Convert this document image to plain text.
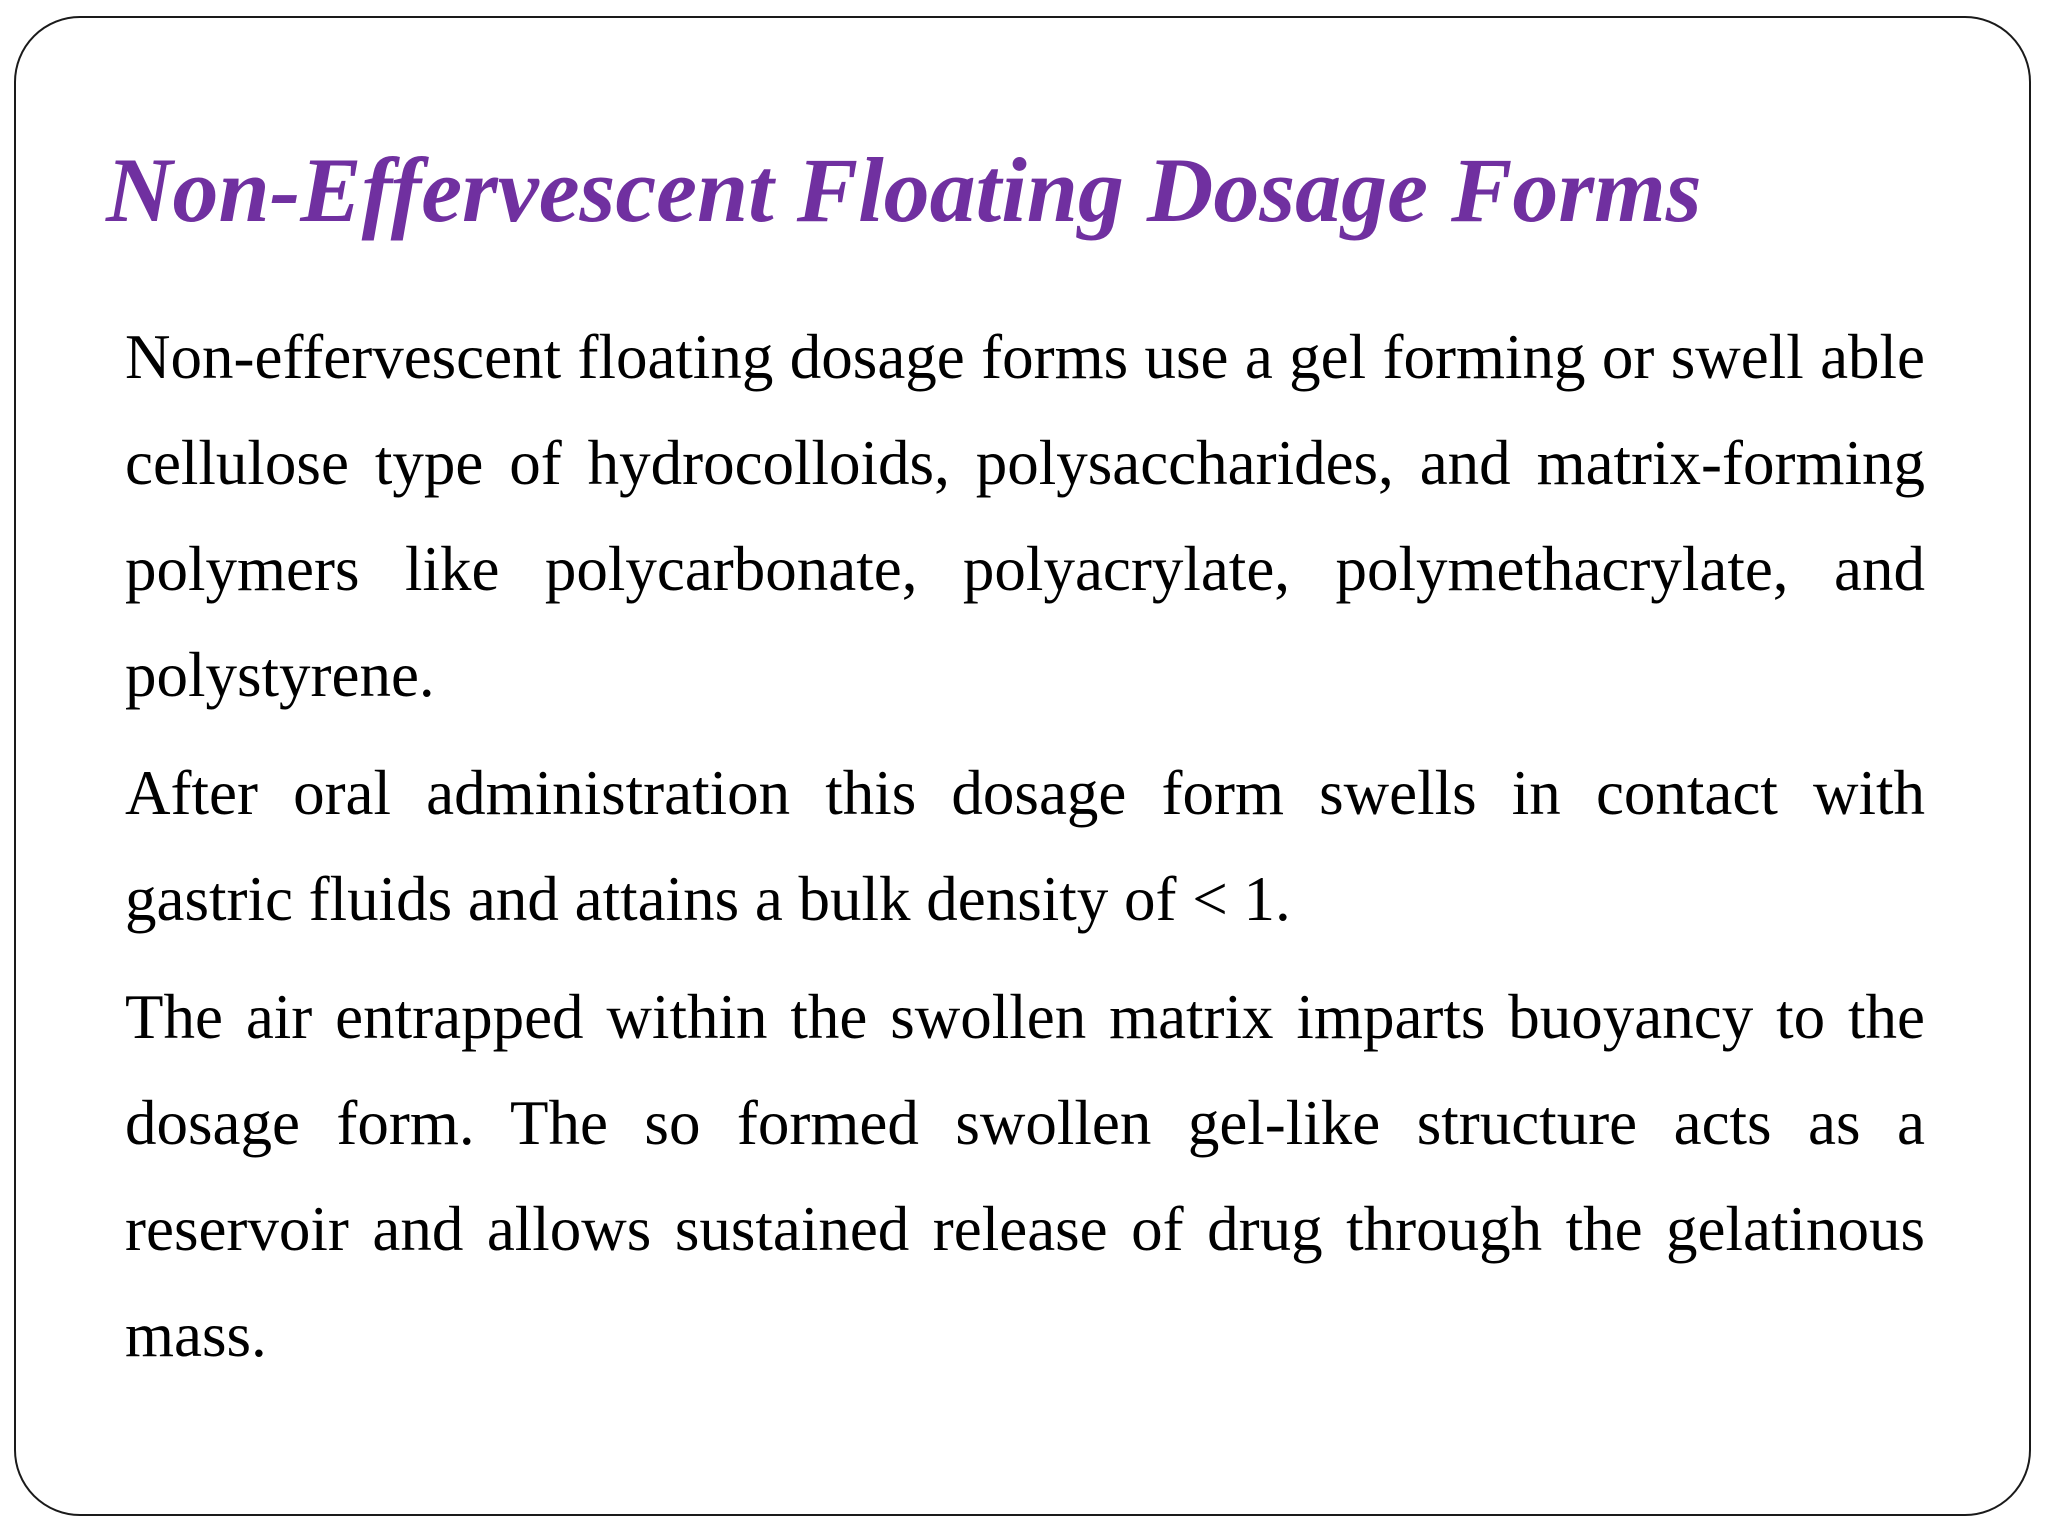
Non-Effervescent Floating Dosage Forms

Non-effervescent floating dosage forms use a gel forming or swell able cellulose type of hydrocolloids, polysaccharides, and matrix-forming polymers like polycarbonate, polyacrylate, polymethacrylate, and polystyrene.

After oral administration this dosage form swells in contact with gastric fluids and attains a bulk density of < 1.

The air entrapped within the swollen matrix imparts buoyancy to the dosage form. The so formed swollen gel-like structure acts as a reservoir and allows sustained release of drug through the gelatinous mass.
